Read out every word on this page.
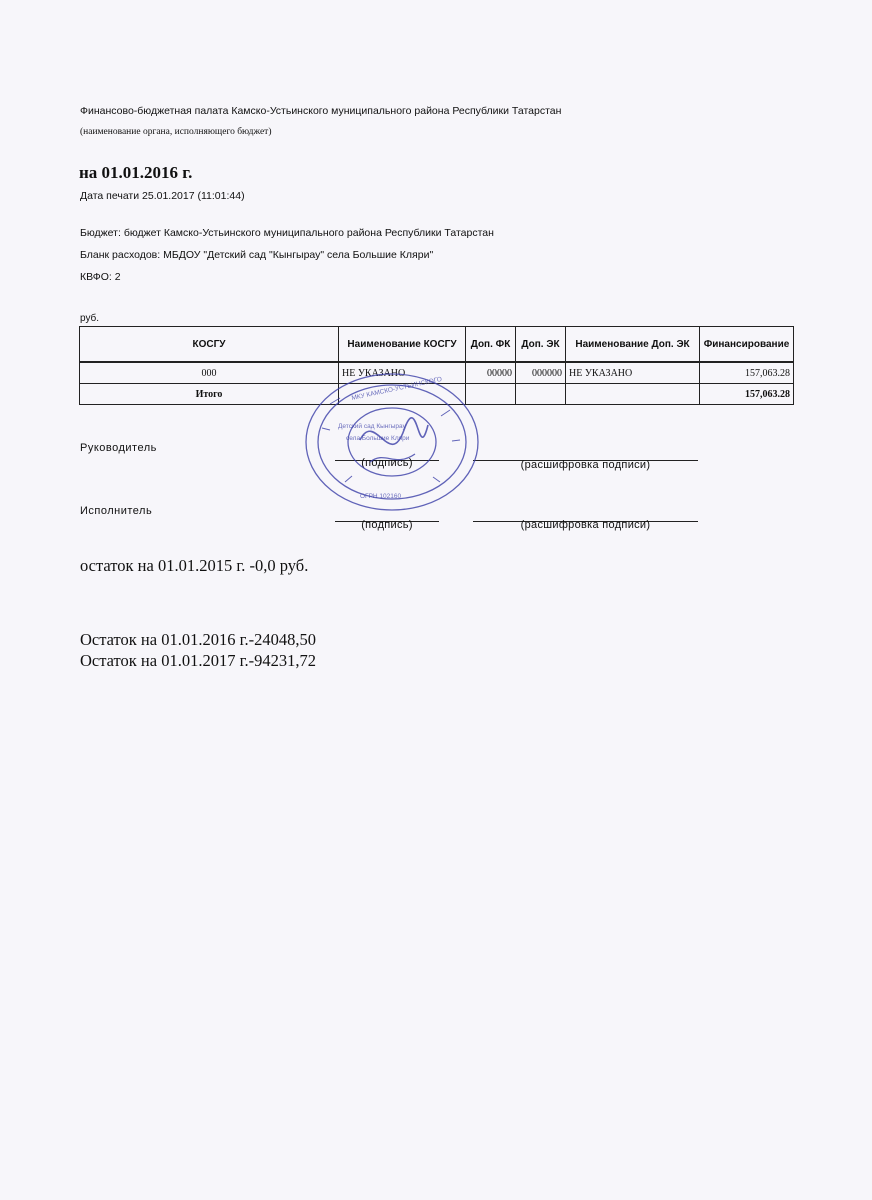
Финансово-бюджетная палата Камско-Устьинского муниципального района Республики Татарстан
(наименование органа, исполняющего бюджет)
на 01.01.2016 г.
Дата печати 25.01.2017 (11:01:44)
Бюджет: бюджет Камско-Устьинского муниципального района Республики Татарстан
Бланк расходов: МБДОУ "Детский сад "Кынгырау" села Большие Кляри"
КВФО: 2
руб.
КОСГУ	Наименование КОСГУ	Доп. ФК	Доп. ЭК	Наименование Доп. ЭК	Финансирование
000	НЕ УКАЗАНО	00000	000000	НЕ УКАЗАНО	157,063.28
Итого					157,063.28
Руководитель
(подпись)	(расшифровка подписи)
Исполнитель
(подпись)	(расшифровка подписи)
остаток на 01.01.2015 г. -0,0 руб.
Остаток на 01.01.2016 г.-24048,50
Остаток на 01.01.2017 г.-94231,72
МКУ КАМСКО-УСТЬИНСКОГО
Детский сад Кынгырау
села Большие Кляри
ОГРН 102160
